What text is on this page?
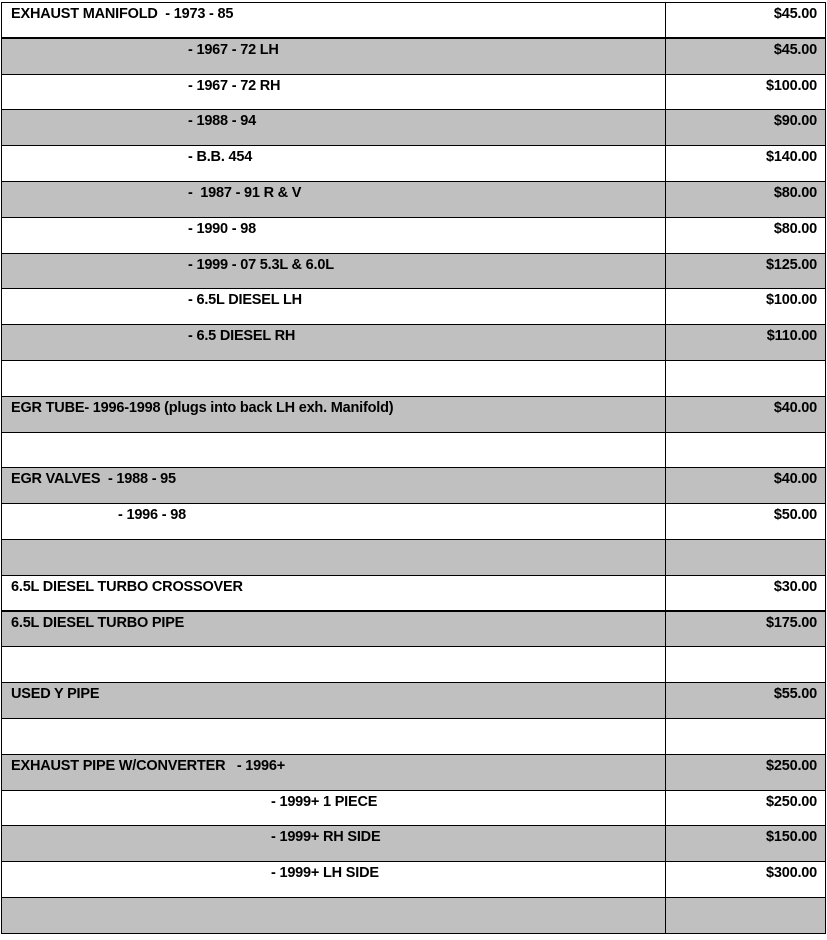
EXHAUST MANIFOLD  - 1973 - 85	$45.00
- 1967 - 72 LH	$45.00
- 1967 - 72 RH	$100.00
- 1988 - 94	$90.00
- B.B. 454	$140.00
-  1987 - 91 R & V	$80.00
- 1990 - 98	$80.00
- 1999 - 07 5.3L & 6.0L	$125.00
- 6.5L DIESEL LH	$100.00
- 6.5 DIESEL RH	$110.00
EGR TUBE- 1996-1998 (plugs into back LH exh. Manifold)	$40.00
EGR VALVES  - 1988 - 95	$40.00
- 1996 - 98	$50.00
6.5L DIESEL TURBO CROSSOVER	$30.00
6.5L DIESEL TURBO PIPE	$175.00
USED Y PIPE	$55.00
EXHAUST PIPE W/CONVERTER   - 1996+	$250.00
- 1999+ 1 PIECE	$250.00
- 1999+ RH SIDE	$150.00
- 1999+ LH SIDE	$300.00
